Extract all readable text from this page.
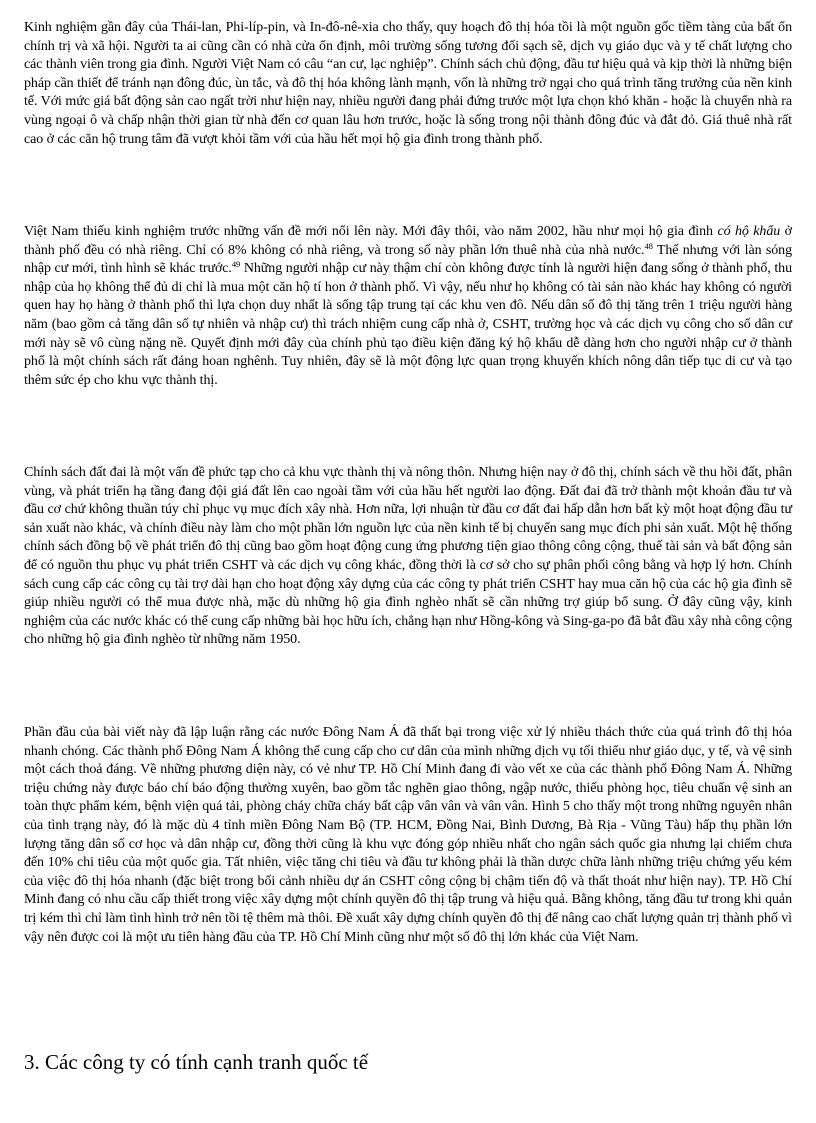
Kinh nghiệm gần đây của Thái-lan, Phi-líp-pin, và In-đô-nê-xia cho thấy, quy hoạch đô thị hóa tồi là một nguồn gốc tiềm tàng của bất ổn chính trị và xã hội. Người ta ai cũng cần có nhà cửa ổn định, môi trường sống tương đối sạch sẽ, dịch vụ giáo dục và y tế chất lượng cho các thành viên trong gia đình. Người Việt Nam có câu “an cư, lạc nghiệp”. Chính sách chủ động, đầu tư hiệu quả và kịp thời là những biện pháp cần thiết để tránh nạn đông đúc, ùn tắc, và đô thị hóa không lành mạnh, vốn là những trở ngại cho quá trình tăng trưởng của nền kinh tế. Với mức giá bất động sản cao ngất trời như hiện nay, nhiều người đang phải đứng trước một lựa chọn khó khăn - hoặc là chuyển nhà ra vùng ngoại ô và chấp nhận thời gian từ nhà đến cơ quan lâu hơn trước, hoặc là sống trong nội thành đông đúc và đắt đỏ. Giá thuê nhà rất cao ở các căn hộ trung tâm đã vượt khỏi tầm với của hầu hết mọi hộ gia đình trong thành phố.

Việt Nam thiếu kinh nghiệm trước những vấn đề mới nổi lên này. Mới đây thôi, vào năm 2002, hầu như mọi hộ gia đình có hộ khẩu ở thành phố đều có nhà riêng. Chỉ có 8% không có nhà riêng, và trong số này phần lớn thuê nhà của nhà nước.$^{48}$ Thế nhưng với làn sóng nhập cư mới, tình hình sẽ khác trước.$^{49}$ Những người nhập cư này thậm chí còn không được tính là người hiện đang sống ở thành phố, thu nhập của họ không thể đủ di chỉ là mua một căn hộ tí hon ở thành phố. Vì vậy, nếu như họ không có tài sản nào khác hay không có người quen hay họ hàng ở thành phố thì lựa chọn duy nhất là sống tập trung tại các khu ven đô. Nếu dân số đô thị tăng trên 1 triệu người hàng năm (bao gồm cả tăng dân số tự nhiên và nhập cư) thì trách nhiệm cung cấp nhà ở, CSHT, trường học và các dịch vụ công cho số dân cư mới này sẽ vô cùng nặng nề. Quyết định mới đây của chính phủ tạo điều kiện đăng ký hộ khẩu dễ dàng hơn cho người nhập cư ở thành phố là một chính sách rất đáng hoan nghênh. Tuy nhiên, đây sẽ là một động lực quan trọng khuyến khích nông dân tiếp tục di cư và tạo thêm sức ép cho khu vực thành thị.

Chính sách đất đai là một vấn đề phức tạp cho cả khu vực thành thị và nông thôn. Nhưng hiện nay ở đô thị, chính sách về thu hồi đất, phân vùng, và phát triển hạ tầng đang đội giá đất lên cao ngoài tầm với của hầu hết người lao động. Đất đai đã trở thành một khoản đầu tư và đầu cơ chứ không thuần túy chỉ phục vụ mục đích xây nhà. Hơn nữa, lợi nhuận từ đầu cơ đất đai hấp dẫn hơn bất kỳ một hoạt động đầu tư sản xuất nào khác, và chính điều này làm cho một phần lớn nguồn lực của nền kinh tế bị chuyển sang mục đích phi sản xuất. Một hệ thống chính sách đồng bộ về phát triển đô thị cũng bao gồm hoạt động cung ứng phương tiện giao thông công cộng, thuế tài sản và bất động sản để có nguồn thu phục vụ phát triển CSHT và các dịch vụ công khác, đồng thời là cơ sở cho sự phân phối công bằng và hợp lý hơn. Chính sách cung cấp các công cụ tài trợ dài hạn cho hoạt động xây dựng của các công ty phát triển CSHT hay mua căn hộ của các hộ gia đình sẽ giúp nhiều người có thể mua được nhà, mặc dù những hộ gia đình nghèo nhất sẽ cần những trợ giúp bổ sung. Ở đây cũng vậy, kinh nghiệm của các nước khác có thể cung cấp những bài học hữu ích, chẳng hạn như Hồng-kông và Sing-ga-po đã bắt đầu xây nhà công cộng cho những hộ gia đình nghèo từ những năm 1950.

Phần đầu của bài viết này đã lập luận rằng các nước Đông Nam Á đã thất bại trong việc xử lý nhiều thách thức của quá trình đô thị hóa nhanh chóng. Các thành phố Đông Nam Á không thể cung cấp cho cư dân của mình những dịch vụ tối thiểu như giáo dục, y tế, và vệ sinh một cách thoả đáng. Về những phương diện này, có vẻ như TP. Hồ Chí Minh đang đi vào vết xe của các thành phố Đông Nam Á. Những triệu chứng này được báo chí báo động thường xuyên, bao gồm tắc nghẽn giao thông, ngập nước, thiếu phòng học, tiêu chuẩn vệ sinh an toàn thực phẩm kém, bệnh viện quá tải, phòng cháy chữa cháy bất cập vân vân và vân vân. Hình 5 cho thấy một trong những nguyên nhân của tình trạng này, đó là mặc dù 4 tỉnh miền Đông Nam Bộ (TP. HCM, Đồng Nai, Bình Dương, Bà Rịa - Vũng Tàu) hấp thụ phần lớn lượng tăng dân số cơ học và dân nhập cư, đồng thời cũng là khu vực đóng góp nhiều nhất cho ngân sách quốc gia nhưng lại chiếm chưa đến 10% chi tiêu của một quốc gia. Tất nhiên, việc tăng chi tiêu và đầu tư không phải là thần dược chữa lành những triệu chứng yếu kém của việc đô thị hóa nhanh (đặc biệt trong bối cảnh nhiều dự án CSHT công cộng bị chậm tiến độ và thất thoát như hiện nay). TP. Hồ Chí Minh đang có nhu cầu cấp thiết trong việc xây dựng một chính quyền đô thị tập trung và hiệu quả. Bằng không, tăng đầu tư trong khi quản trị kém thì chỉ làm tình hình trở nên tồi tệ thêm mà thôi. Đề xuất xây dựng chính quyền đô thị để nâng cao chất lượng quản trị thành phố vì vậy nên được coi là một ưu tiên hàng đầu của TP. Hồ Chí Minh cũng như một số đô thị lớn khác của Việt Nam.

3. Các công ty có tính cạnh tranh quốc tế
